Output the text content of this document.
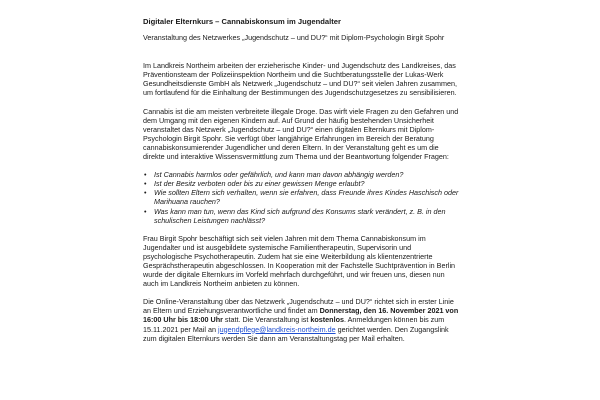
Digitaler Elternkurs – Cannabiskonsum im Jugendalter
Veranstaltung des Netzwerkes „Jugendschutz – und DU?“ mit Diplom-Psychologin Birgit Spohr

Im Landkreis Northeim arbeiten der erzieherische Kinder- und Jugendschutz des Landkreises, das Präventionsteam der Polizeiinspektion Northeim und die Suchtberatungsstelle der Lukas-Werk Gesundheitsdienste GmbH als Netzwerk „Jugendschutz – und DU?“ seit vielen Jahren zusammen, um fortlaufend für die Einhaltung der Bestimmungen des Jugendschutzgesetzes zu sensibilisieren.

Cannabis ist die am meisten verbreitete illegale Droge. Das wirft viele Fragen zu den Gefahren und dem Umgang mit den eigenen Kindern auf. Auf Grund der häufig bestehenden Unsicherheit veranstaltet das Netzwerk „Jugendschutz – und DU?“ einen digitalen Elternkurs mit Diplom-Psychologin Birgit Spohr. Sie verfügt über langjährige Erfahrungen im Bereich der Beratung cannabiskonsumierender Jugendlicher und deren Eltern. In der Veranstaltung geht es um die direkte und interaktive Wissensvermittlung zum Thema und der Beantwortung folgender Fragen:

• Ist Cannabis harmlos oder gefährlich, und kann man davon abhängig werden?
• Ist der Besitz verboten oder bis zu einer gewissen Menge erlaubt?
• Wie sollten Eltern sich verhalten, wenn sie erfahren, dass Freunde ihres Kindes Haschisch oder Marihuana rauchen?
• Was kann man tun, wenn das Kind sich aufgrund des Konsums stark verändert, z. B. in den schulischen Leistungen nachlässt?

Frau Birgit Spohr beschäftigt sich seit vielen Jahren mit dem Thema Cannabiskonsum im Jugendalter und ist ausgebildete systemische Familientherapeutin, Supervisorin und psychologische Psychotherapeutin. Zudem hat sie eine Weiterbildung als klientenzentrierte Gesprächstherapeutin abgeschlossen. In Kooperation mit der Fachstelle Suchtprävention in Berlin wurde der digitale Elternkurs im Vorfeld mehrfach durchgeführt, und wir freuen uns, diesen nun auch im Landkreis Northeim anbieten zu können.

Die Online-Veranstaltung über das Netzwerk „Jugendschutz – und DU?“ richtet sich in erster Linie an Eltern und Erziehungsverantwortliche und findet am Donnerstag, den 16. November 2021 von 16:00 Uhr bis 18:00 Uhr statt. Die Veranstaltung ist kostenlos. Anmeldungen können bis zum 15.11.2021 per Mail an jugendpflege@landkreis-northeim.de gerichtet werden. Den Zugangslink zum digitalen Elternkurs werden Sie dann am Veranstaltungstag per Mail erhalten.
